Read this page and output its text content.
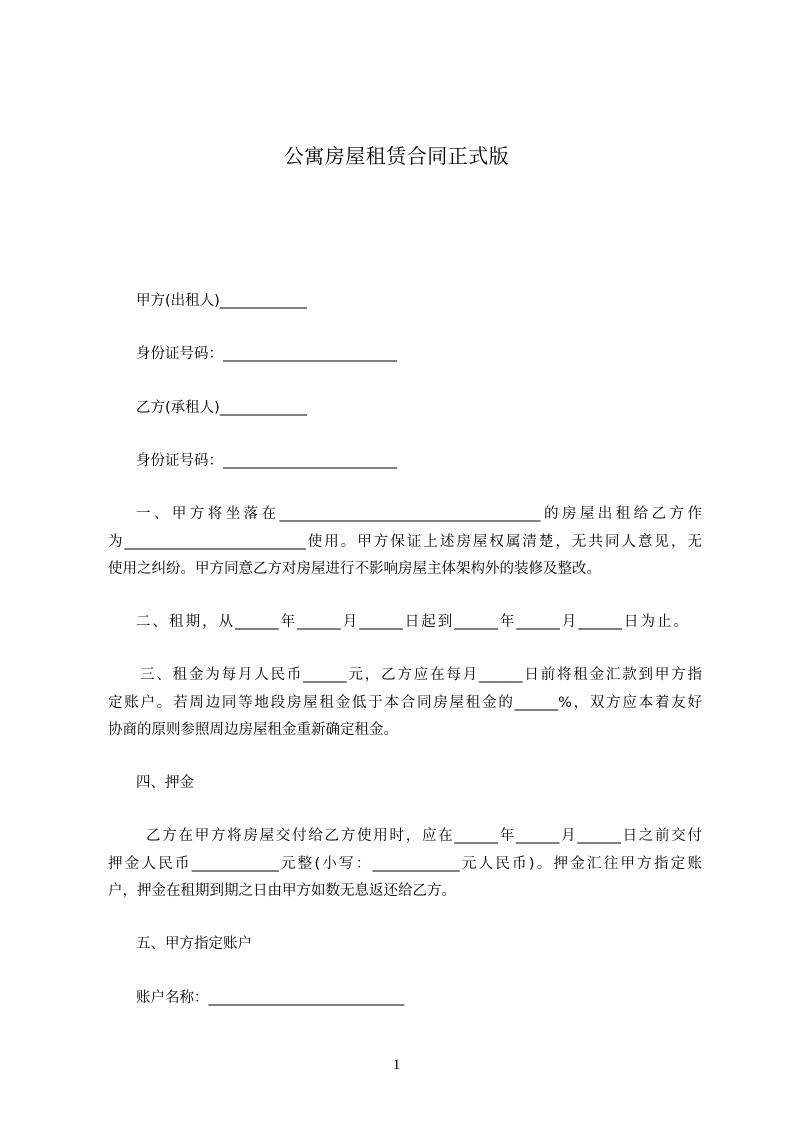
公寓房屋租赁合同正式版
甲方(出租人)____________
身份证号码：________________________
乙方(承租人)____________
身份证号码：________________________
一、甲方将坐落在____________________________________的房屋出租给乙方作
为_________________________使用。甲方保证上述房屋权属清楚，无共同人意见，无
使用之纠纷。甲方同意乙方对房屋进行不影响房屋主体架构外的装修及整改。
二、租期，从______年______月______日起到______年______月______日为止。
三、租金为每月人民币______元，乙方应在每月______日前将租金汇款到甲方指
定账户。若周边同等地段房屋租金低于本合同房屋租金的______%，双方应本着友好
协商的原则参照周边房屋租金重新确定租金。
四、押金
乙方在甲方将房屋交付给乙方使用时，应在______年______月______日之前交付
押金人民币____________元整(小写：____________元人民币)。押金汇往甲方指定账
户，押金在租期到期之日由甲方如数无息返还给乙方。
五、甲方指定账户
账户名称：___________________________
1
